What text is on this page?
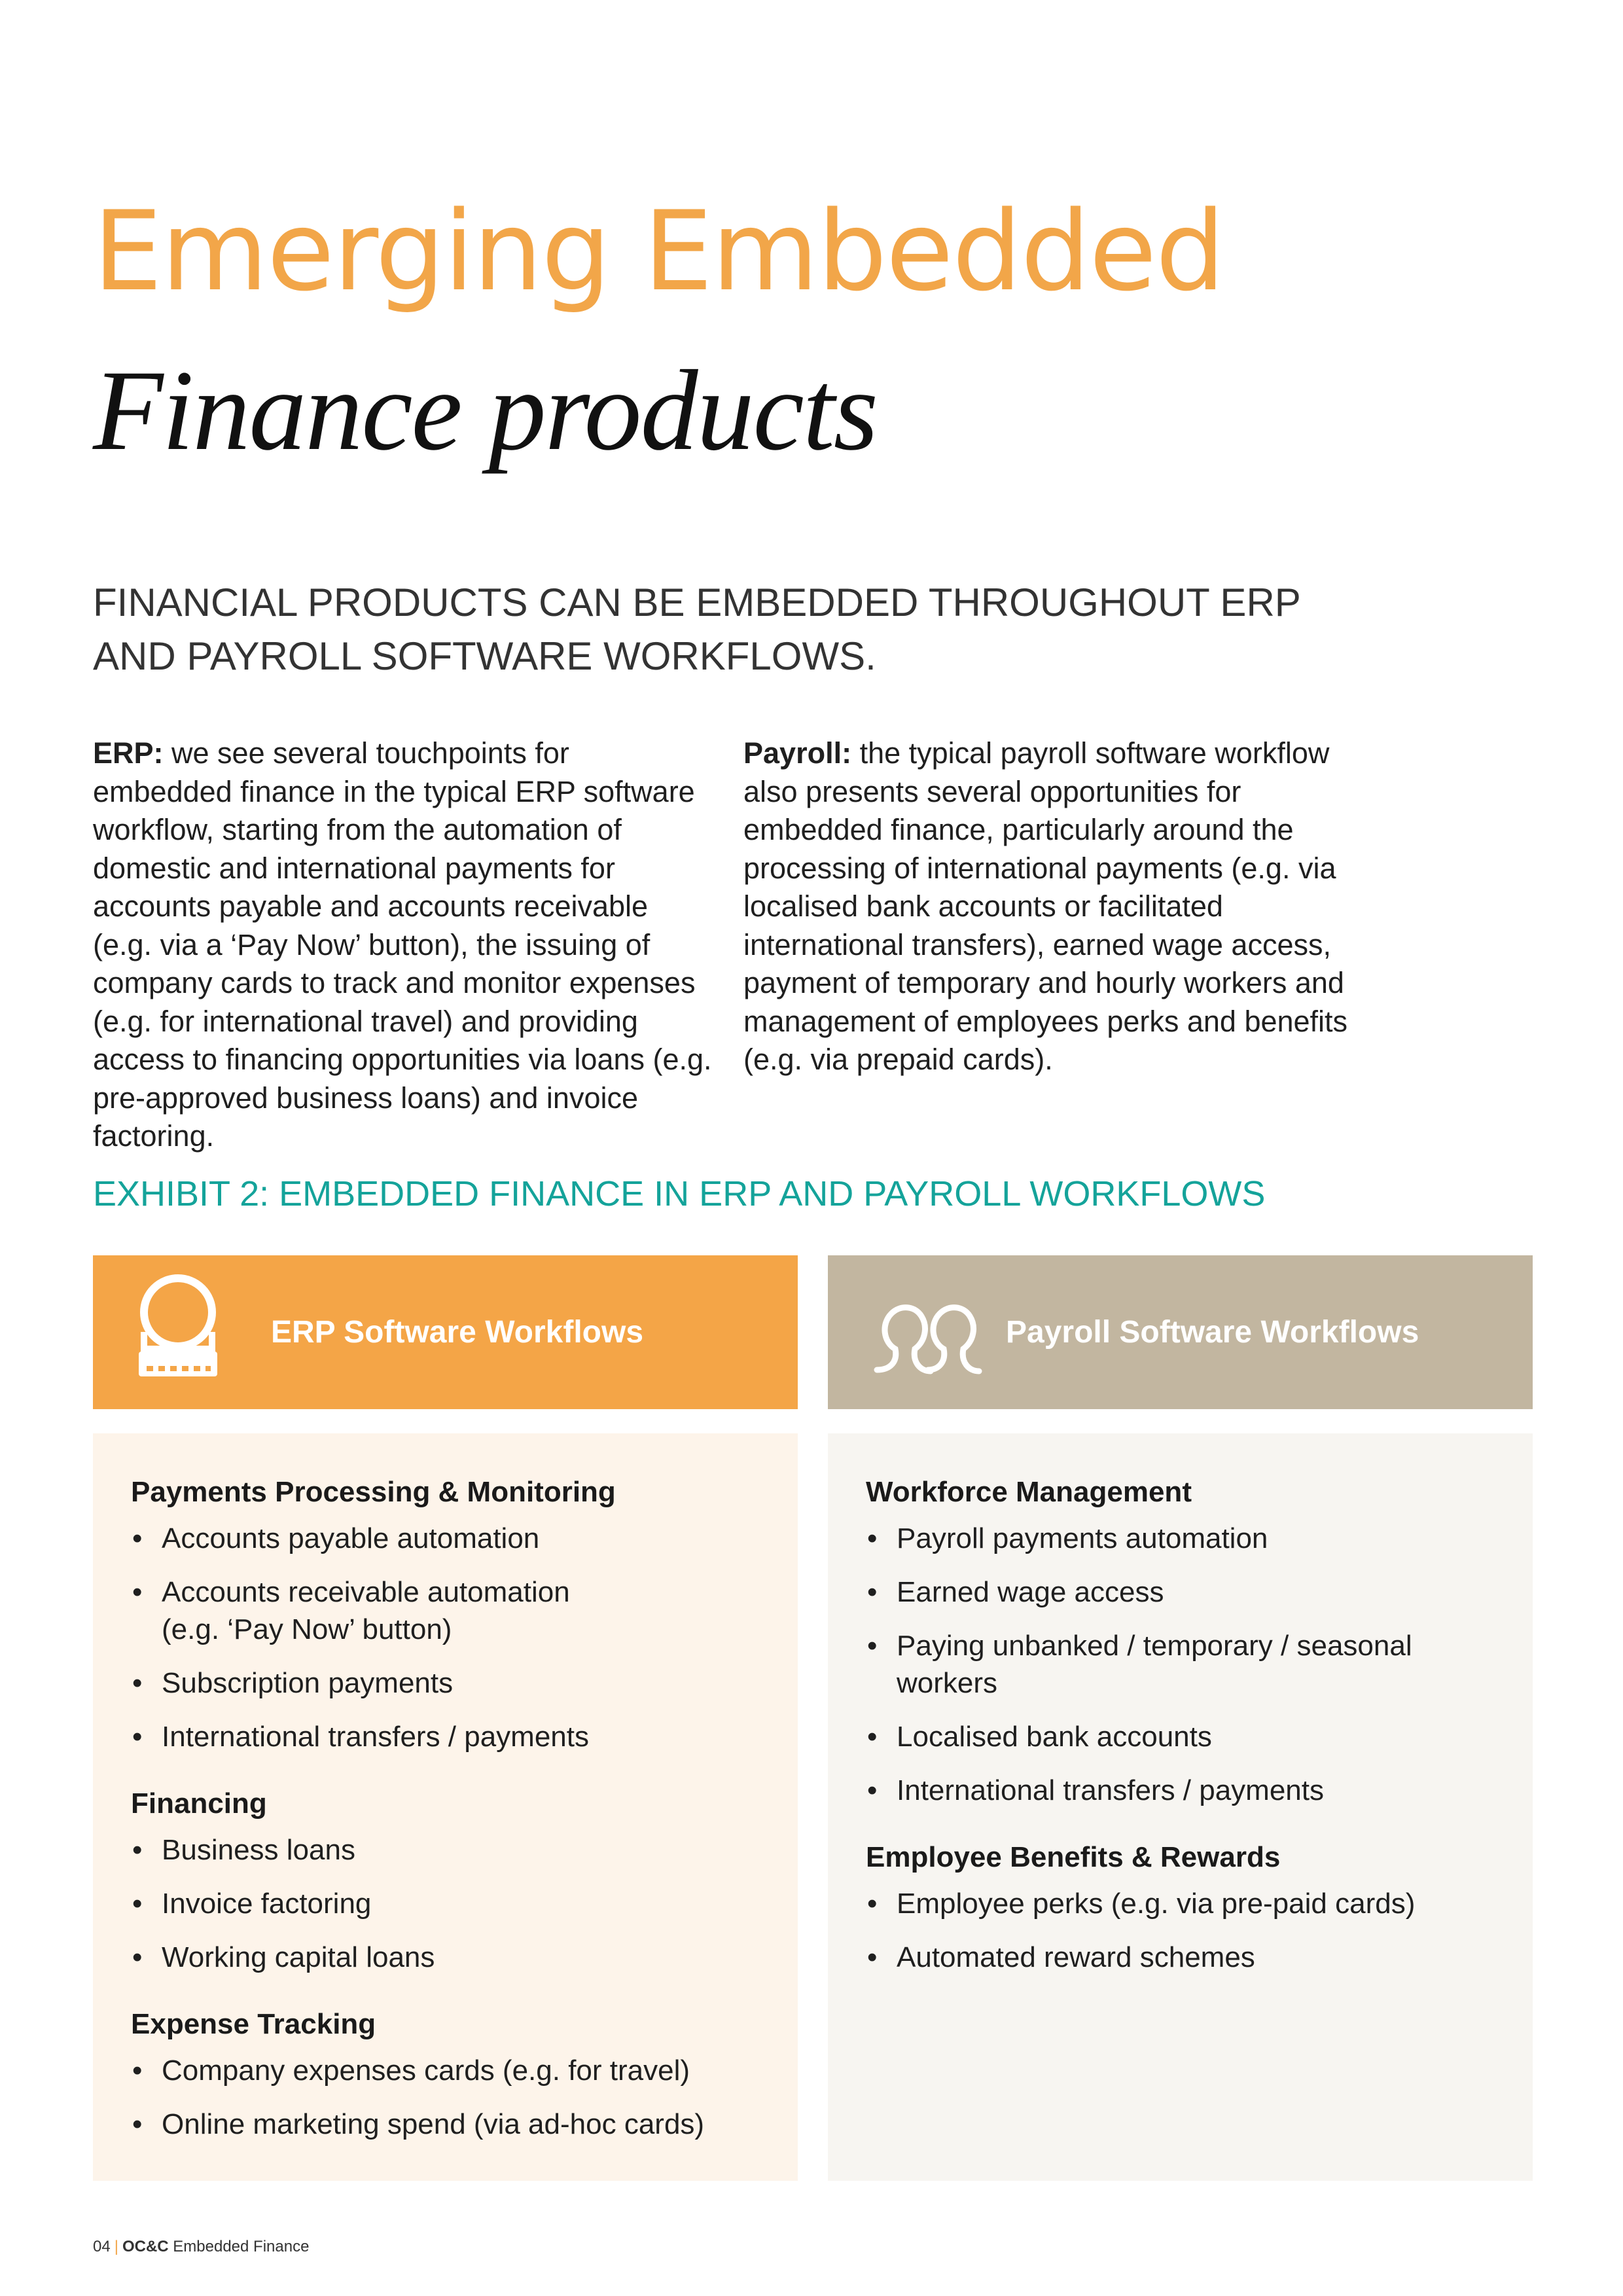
Emerging Embedded
Finance products

FINANCIAL PRODUCTS CAN BE EMBEDDED THROUGHOUT ERP AND PAYROLL SOFTWARE WORKFLOWS.

ERP: we see several touchpoints for embedded finance in the typical ERP software workflow, starting from the automation of domestic and international payments for accounts payable and accounts receivable (e.g. via a ‘Pay Now’ button), the issuing of company cards to track and monitor expenses (e.g. for international travel) and providing access to financing opportunities via loans (e.g. pre-approved business loans) and invoice factoring.
Payroll: the typical payroll software workflow also presents several opportunities for embedded finance, particularly around the processing of international payments (e.g. via localised bank accounts or facilitated international transfers), earned wage access, payment of temporary and hourly workers and management of employees perks and benefits (e.g. via prepaid cards).
EXHIBIT 2: EMBEDDED FINANCE IN ERP AND PAYROLL WORKFLOWS
ERP Software Workflows	Payroll Software Workflows

Payments Processing & Monitoring

• Accounts payable automation
• Accounts receivable automation
(e.g. ‘Pay Now’ button)
• Subscription payments
• International transfers / payments

Financing

• Business loans
• Invoice factoring
• Working capital loans

Expense Tracking

• Company expenses cards (e.g. for travel)
• Online marketing spend (via ad-hoc cards)

Workforce Management

• Payroll payments automation
• Earned wage access
• Paying unbanked / temporary / seasonal
workers
• Localised bank accounts
• International transfers / payments

Employee Benefits & Rewards

• Employee perks (e.g. via pre-paid cards)
• Automated reward schemes
04 | OC&C Embedded Finance
